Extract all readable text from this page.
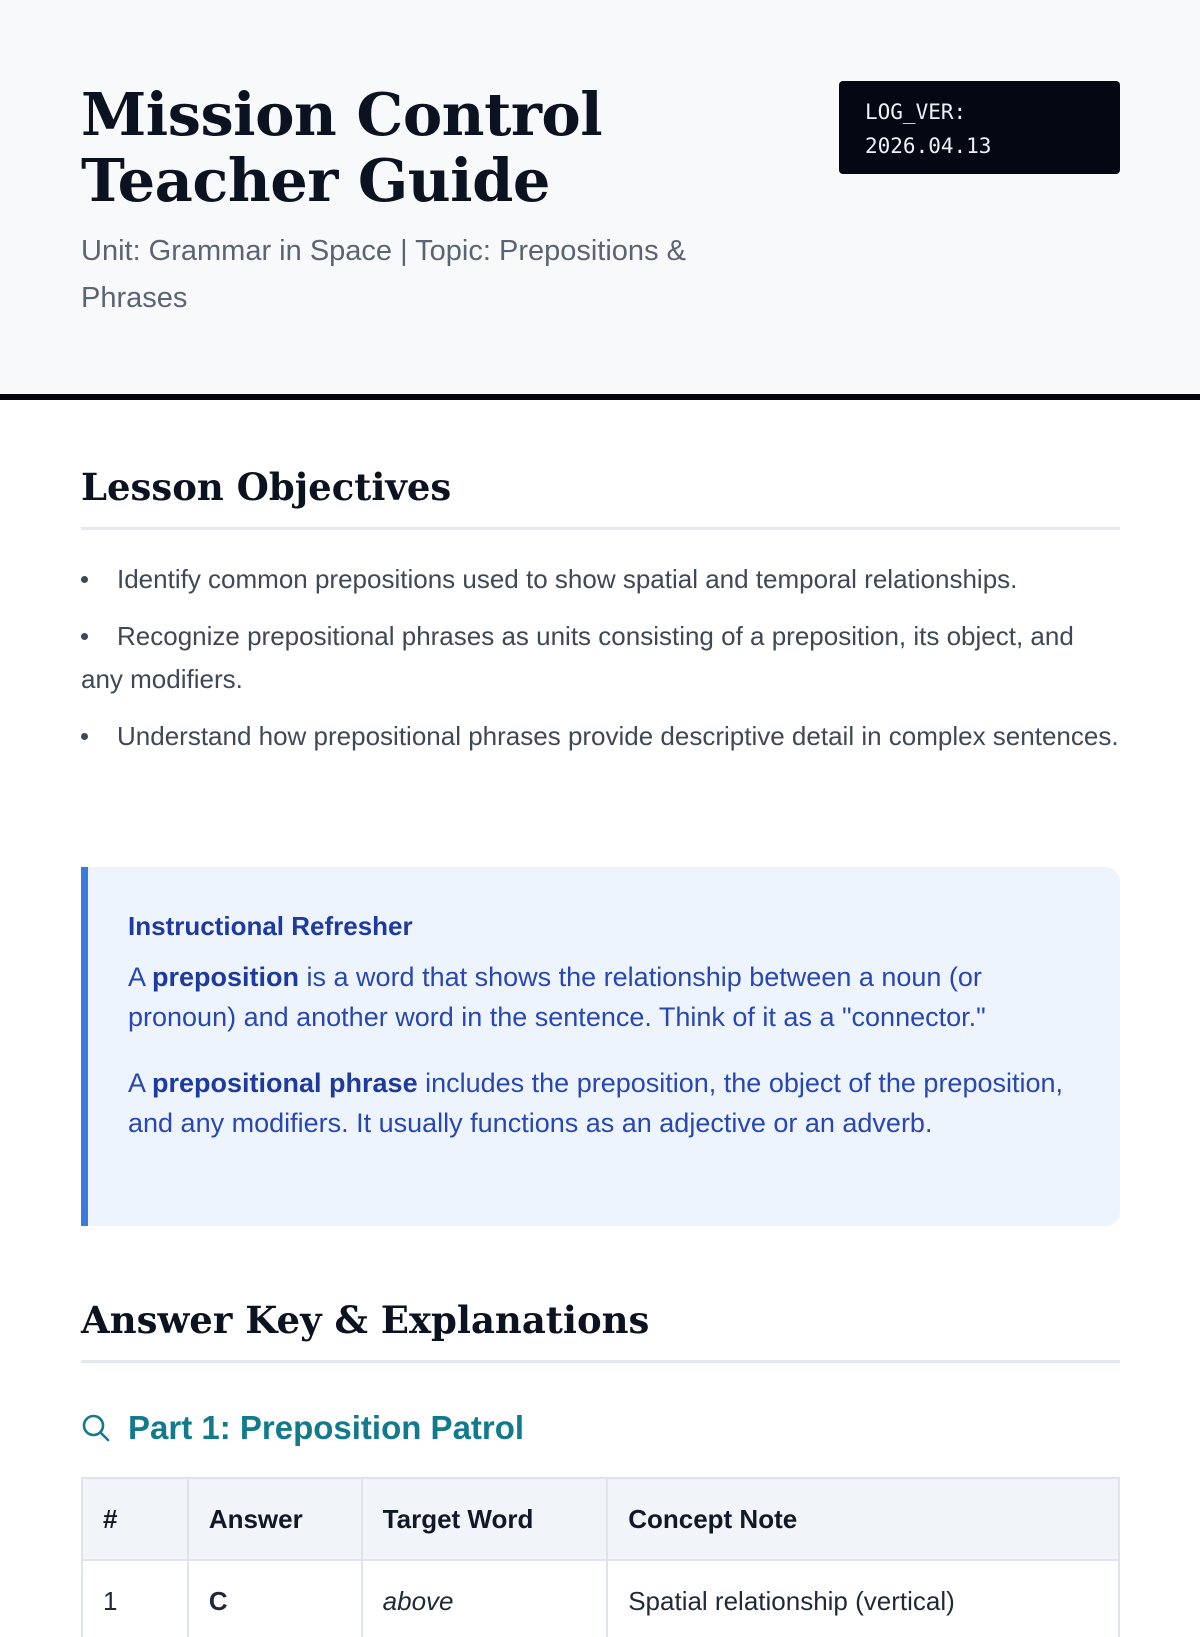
Mission Control Teacher Guide
Unit: Grammar in Space | Topic: Prepositions & Phrases
LOG_VER:
2026.04.13
Lesson Objectives
Identify common prepositions used to show spatial and temporal relationships.
Recognize prepositional phrases as units consisting of a preposition, its object, and any modifiers.
Understand how prepositional phrases provide descriptive detail in complex sentences.
Instructional Refresher

A preposition is a word that shows the relationship between a noun (or pronoun) and another word in the sentence. Think of it as a "connector."

A prepositional phrase includes the preposition, the object of the preposition, and any modifiers. It usually functions as an adjective or an adverb.

Answer Key & Explanations
Part 1: Preposition Patrol
#	Answer	Target Word	Concept Note
1	C	above	Spatial relationship (vertical)
